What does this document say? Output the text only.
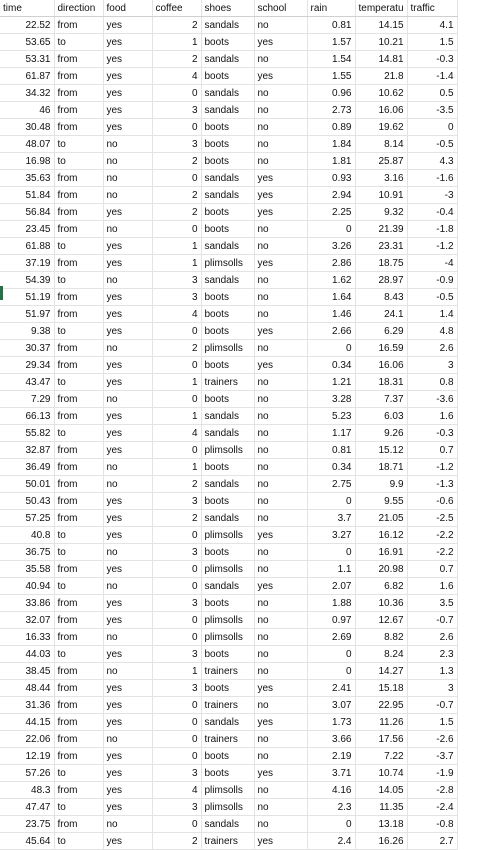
time	direction	food	coffee	shoes	school	rain	temperatu	traffic
22.52	from	yes	2	sandals	no	0.81	14.15	4.1
53.65	to	yes	1	boots	yes	1.57	10.21	1.5
53.31	from	yes	2	sandals	no	1.54	14.81	-0.3
61.87	from	yes	4	boots	yes	1.55	21.8	-1.4
34.32	from	yes	0	sandals	no	0.96	10.62	0.5
46	from	yes	3	sandals	no	2.73	16.06	-3.5
30.48	from	yes	0	boots	no	0.89	19.62	0
48.07	to	no	3	boots	no	1.84	8.14	-0.5
16.98	to	no	2	boots	no	1.81	25.87	4.3
35.63	from	no	0	sandals	yes	0.93	3.16	-1.6
51.84	from	no	2	sandals	yes	2.94	10.91	-3
56.84	from	yes	2	boots	yes	2.25	9.32	-0.4
23.45	from	no	0	boots	no	0	21.39	-1.8
61.88	to	yes	1	sandals	no	3.26	23.31	-1.2
37.19	from	yes	1	plimsolls	yes	2.86	18.75	-4
54.39	to	no	3	sandals	no	1.62	28.97	-0.9
51.19	from	yes	3	boots	no	1.64	8.43	-0.5
51.97	from	yes	4	boots	no	1.46	24.1	1.4
9.38	to	yes	0	boots	yes	2.66	6.29	4.8
30.37	from	no	2	plimsolls	no	0	16.59	2.6
29.34	from	yes	0	boots	yes	0.34	16.06	3
43.47	to	yes	1	trainers	no	1.21	18.31	0.8
7.29	from	no	0	boots	no	3.28	7.37	-3.6
66.13	from	yes	1	sandals	no	5.23	6.03	1.6
55.82	to	yes	4	sandals	no	1.17	9.26	-0.3
32.87	from	yes	0	plimsolls	no	0.81	15.12	0.7
36.49	from	no	1	boots	no	0.34	18.71	-1.2
50.01	from	no	2	sandals	no	2.75	9.9	-1.3
50.43	from	yes	3	boots	no	0	9.55	-0.6
57.25	from	yes	2	sandals	no	3.7	21.05	-2.5
40.8	to	yes	0	plimsolls	yes	3.27	16.12	-2.2
36.75	to	no	3	boots	no	0	16.91	-2.2
35.58	from	yes	0	plimsolls	no	1.1	20.98	0.7
40.94	to	no	0	sandals	yes	2.07	6.82	1.6
33.86	from	yes	3	boots	no	1.88	10.36	3.5
32.07	from	yes	0	plimsolls	no	0.97	12.67	-0.7
16.33	from	no	0	plimsolls	no	2.69	8.82	2.6
44.03	to	yes	3	boots	no	0	8.24	2.3
38.45	from	no	1	trainers	no	0	14.27	1.3
48.44	from	yes	3	boots	yes	2.41	15.18	3
31.36	from	yes	0	trainers	no	3.07	22.95	-0.7
44.15	from	yes	0	sandals	yes	1.73	11.26	1.5
22.06	from	no	0	trainers	no	3.66	17.56	-2.6
12.19	from	yes	0	boots	no	2.19	7.22	-3.7
57.26	to	yes	3	boots	yes	3.71	10.74	-1.9
48.3	from	yes	4	plimsolls	no	4.16	14.05	-2.8
47.47	to	yes	3	plimsolls	no	2.3	11.35	-2.4
23.75	from	no	0	sandals	no	0	13.18	-0.8
45.64	to	yes	2	trainers	yes	2.4	16.26	2.7
